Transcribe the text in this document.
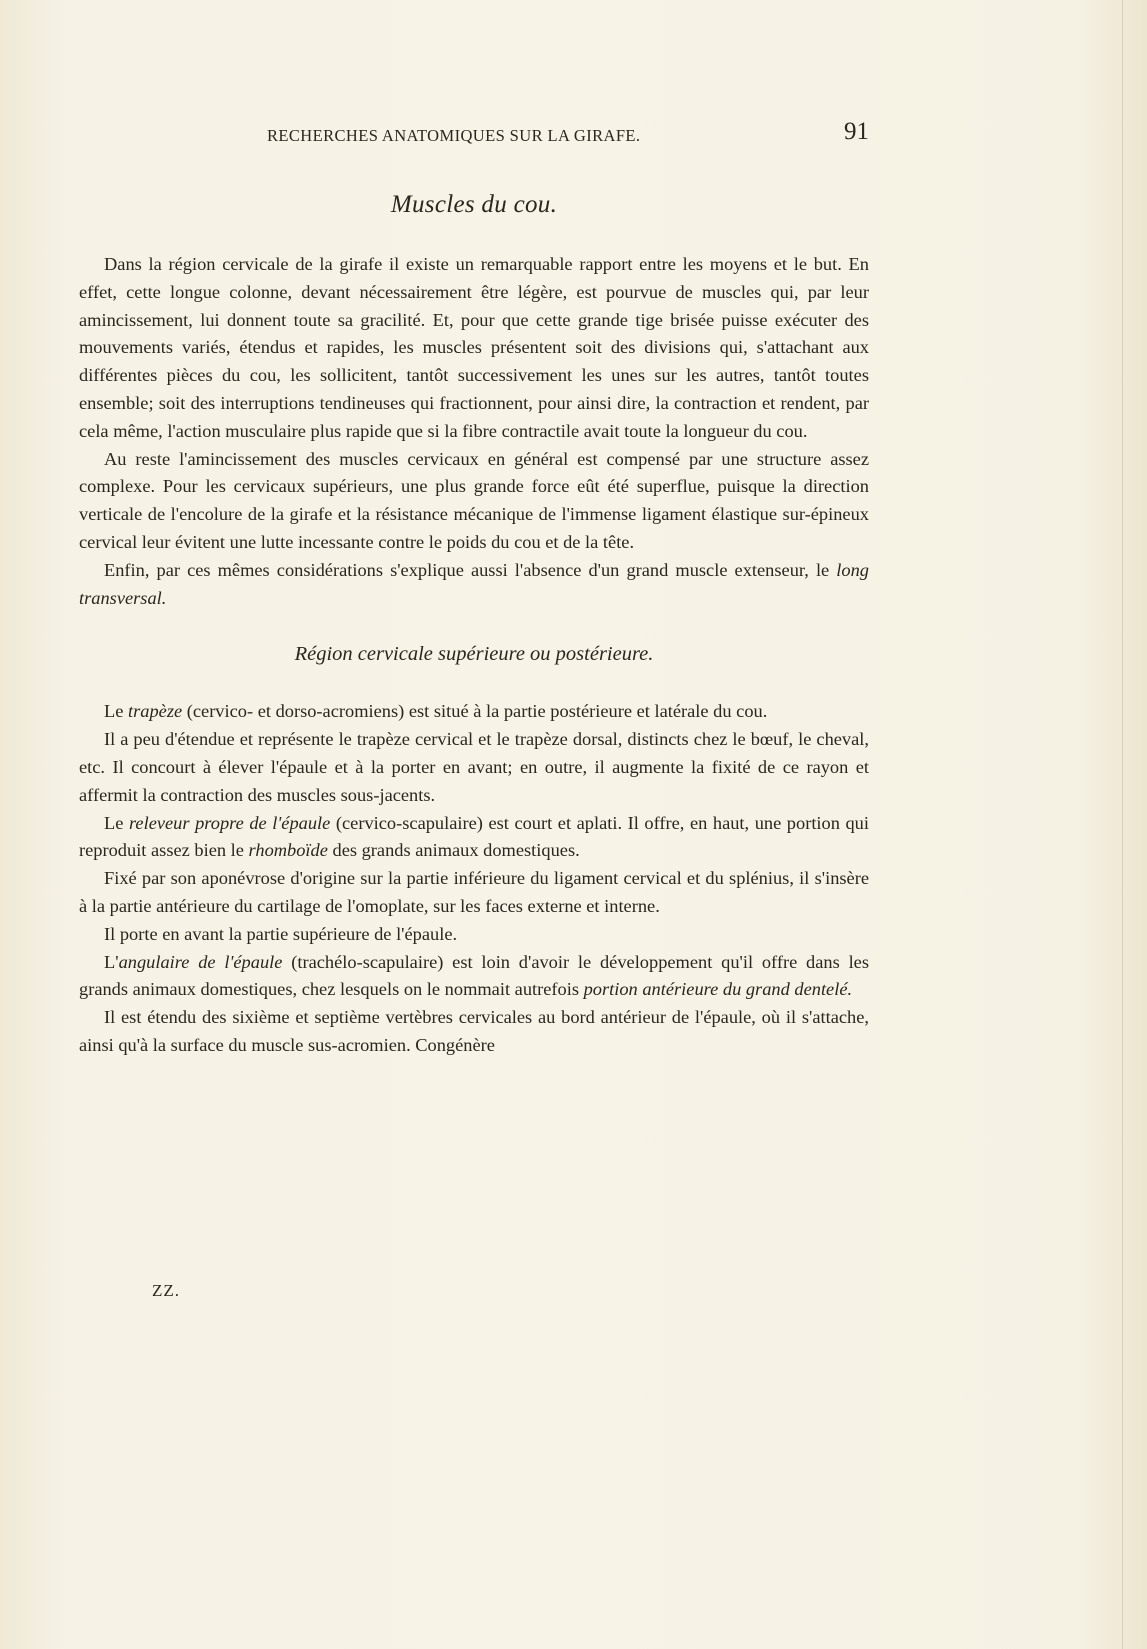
RECHERCHES ANATOMIQUES SUR LA GIRAFE.	91
Muscles du cou.

Dans la région cervicale de la girafe il existe un remarquable rapport entre les moyens et le but. En effet, cette longue colonne, devant nécessairement être légère, est pourvue de muscles qui, par leur amincissement, lui donnent toute sa gracilité. Et, pour que cette grande tige brisée puisse exécuter des mouvements variés, étendus et rapides, les muscles présentent soit des divisions qui, s'attachant aux différentes pièces du cou, les sollicitent, tantôt successivement les unes sur les autres, tantôt toutes ensemble; soit des interruptions tendineuses qui fractionnent, pour ainsi dire, la contraction et rendent, par cela même, l'action musculaire plus rapide que si la fibre contractile avait toute la longueur du cou.

Au reste l'amincissement des muscles cervicaux en général est compensé par une structure assez complexe. Pour les cervicaux supérieurs, une plus grande force eût été superflue, puisque la direction verticale de l'encolure de la girafe et la résistance mécanique de l'immense ligament élastique sur-épineux cervical leur évitent une lutte incessante contre le poids du cou et de la tête.

Enfin, par ces mêmes considérations s'explique aussi l'absence d'un grand muscle extenseur, le long transversal.

Région cervicale supérieure ou postérieure.

Le trapèze (cervico- et dorso-acromiens) est situé à la partie postérieure et latérale du cou.

Il a peu d'étendue et représente le trapèze cervical et le trapèze dorsal, distincts chez le bœuf, le cheval, etc. Il concourt à élever l'épaule et à la porter en avant; en outre, il augmente la fixité de ce rayon et affermit la contraction des muscles sous-jacents.

Le releveur propre de l'épaule (cervico-scapulaire) est court et aplati. Il offre, en haut, une portion qui reproduit assez bien le rhomboïde des grands animaux domestiques.

Fixé par son aponévrose d'origine sur la partie inférieure du ligament cervical et du splénius, il s'insère à la partie antérieure du cartilage de l'omoplate, sur les faces externe et interne.

Il porte en avant la partie supérieure de l'épaule.

L'angulaire de l'épaule (trachélo-scapulaire) est loin d'avoir le développement qu'il offre dans les grands animaux domestiques, chez lesquels on le nommait autrefois portion antérieure du grand dentelé.

Il est étendu des sixième et septième vertèbres cervicales au bord antérieur de l'épaule, où il s'attache, ainsi qu'à la surface du muscle sus-acromien. Congénère

ZZ.
